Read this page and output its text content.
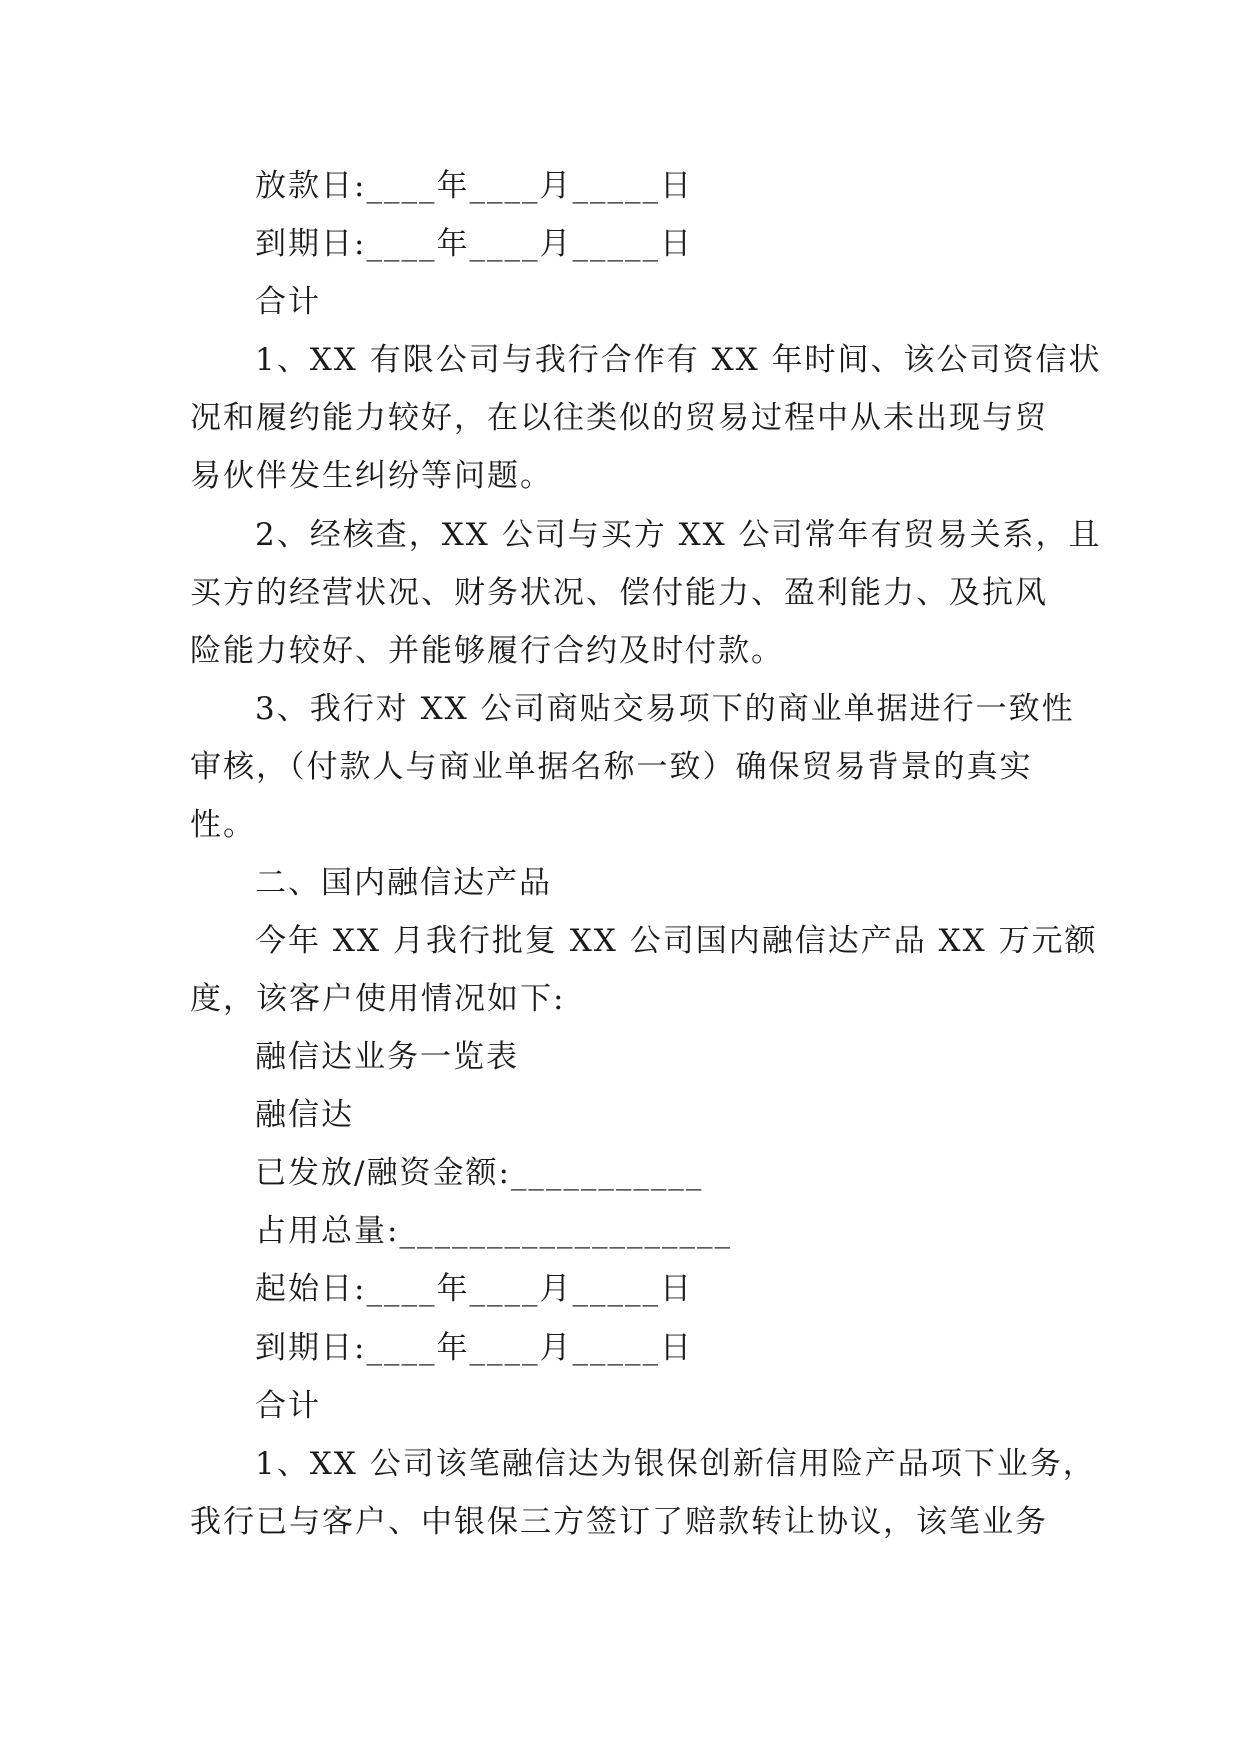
放款日:____年____月_____日
到期日:____年____月_____日
合计
1、XX 有限公司与我行合作有 XX 年时间、该公司资信状
况和履约能力较好，在以往类似的贸易过程中从未出现与贸
易伙伴发生纠纷等问题。
2、经核查，XX 公司与买方 XX 公司常年有贸易关系，且
买方的经营状况、财务状况、偿付能力、盈利能力、及抗风
险能力较好、并能够履行合约及时付款。
3、我行对 XX 公司商贴交易项下的商业单据进行一致性
审核，（付款人与商业单据名称一致）确保贸易背景的真实
性。
二、国内融信达产品
今年 XX 月我行批复 XX 公司国内融信达产品 XX 万元额
度，该客户使用情况如下:
融信达业务一览表
融信达
已发放/融资金额:___________
占用总量:___________________
起始日:____年____月_____日
到期日:____年____月_____日
合计
1、XX 公司该笔融信达为银保创新信用险产品项下业务，
我行已与客户、中银保三方签订了赔款转让协议，该笔业务
